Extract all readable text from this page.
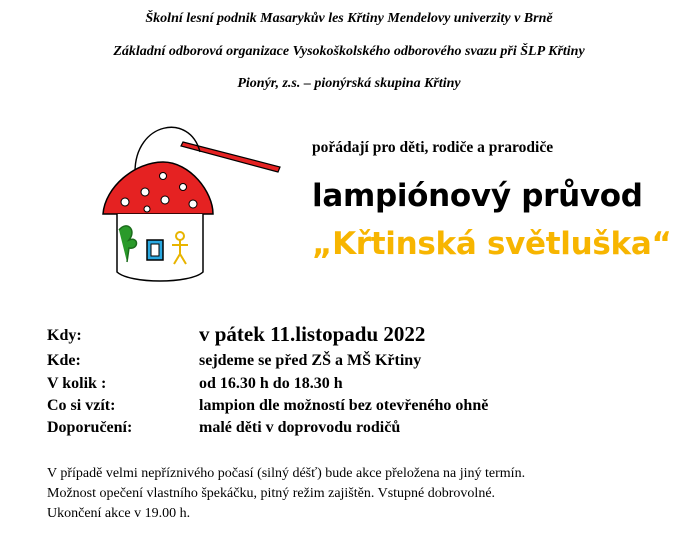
Školní lesní podnik Masarykův les Křtiny Mendelovy univerzity v Brně
Základní odborová organizace Vysokoškolského odborového svazu při ŠLP Křtiny
Pionýr, z.s. – pionýrská skupina Křtiny
pořádají pro děti, rodiče a prarodiče
lampiónový průvod
„Křtinská světluška“
Kdy:	v pátek 11.listopadu 2022
Kde:	sejdeme se před ZŠ a MŠ Křtiny
V kolik :	od 16.30 h do 18.30 h
Co si vzít:	lampion dle možností bez otevřeného ohně
Doporučení:	malé děti v doprovodu rodičů
V případě velmi nepříznivého počasí (silný déšť) bude akce přeložena na jiný termín.
Možnost opečení vlastního špekáčku, pitný režim zajištěn. Vstupné dobrovolné.
Ukončení akce v 19.00 h.
